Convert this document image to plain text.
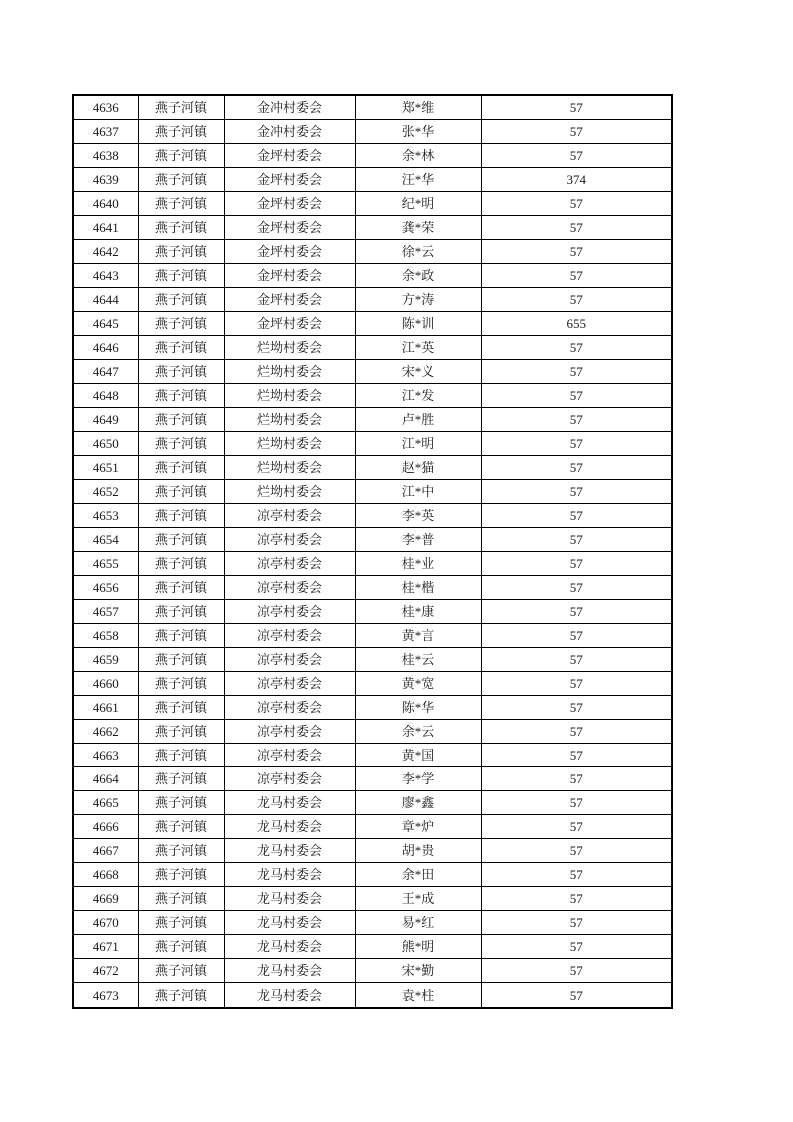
4636	燕子河镇	金冲村委会	郑*维	57
4637	燕子河镇	金冲村委会	张*华	57
4638	燕子河镇	金坪村委会	余*林	57
4639	燕子河镇	金坪村委会	汪*华	374
4640	燕子河镇	金坪村委会	纪*明	57
4641	燕子河镇	金坪村委会	龚*荣	57
4642	燕子河镇	金坪村委会	徐*云	57
4643	燕子河镇	金坪村委会	余*政	57
4644	燕子河镇	金坪村委会	方*涛	57
4645	燕子河镇	金坪村委会	陈*训	655
4646	燕子河镇	烂坳村委会	江*英	57
4647	燕子河镇	烂坳村委会	宋*义	57
4648	燕子河镇	烂坳村委会	江*发	57
4649	燕子河镇	烂坳村委会	卢*胜	57
4650	燕子河镇	烂坳村委会	江*明	57
4651	燕子河镇	烂坳村委会	赵*猫	57
4652	燕子河镇	烂坳村委会	江*中	57
4653	燕子河镇	凉亭村委会	李*英	57
4654	燕子河镇	凉亭村委会	李*普	57
4655	燕子河镇	凉亭村委会	桂*业	57
4656	燕子河镇	凉亭村委会	桂*楷	57
4657	燕子河镇	凉亭村委会	桂*康	57
4658	燕子河镇	凉亭村委会	黄*言	57
4659	燕子河镇	凉亭村委会	桂*云	57
4660	燕子河镇	凉亭村委会	黄*宽	57
4661	燕子河镇	凉亭村委会	陈*华	57
4662	燕子河镇	凉亭村委会	余*云	57
4663	燕子河镇	凉亭村委会	黄*国	57
4664	燕子河镇	凉亭村委会	李*学	57
4665	燕子河镇	龙马村委会	廖*鑫	57
4666	燕子河镇	龙马村委会	章*炉	57
4667	燕子河镇	龙马村委会	胡*贵	57
4668	燕子河镇	龙马村委会	余*田	57
4669	燕子河镇	龙马村委会	王*成	57
4670	燕子河镇	龙马村委会	易*红	57
4671	燕子河镇	龙马村委会	熊*明	57
4672	燕子河镇	龙马村委会	宋*勤	57
4673	燕子河镇	龙马村委会	袁*柱	57
